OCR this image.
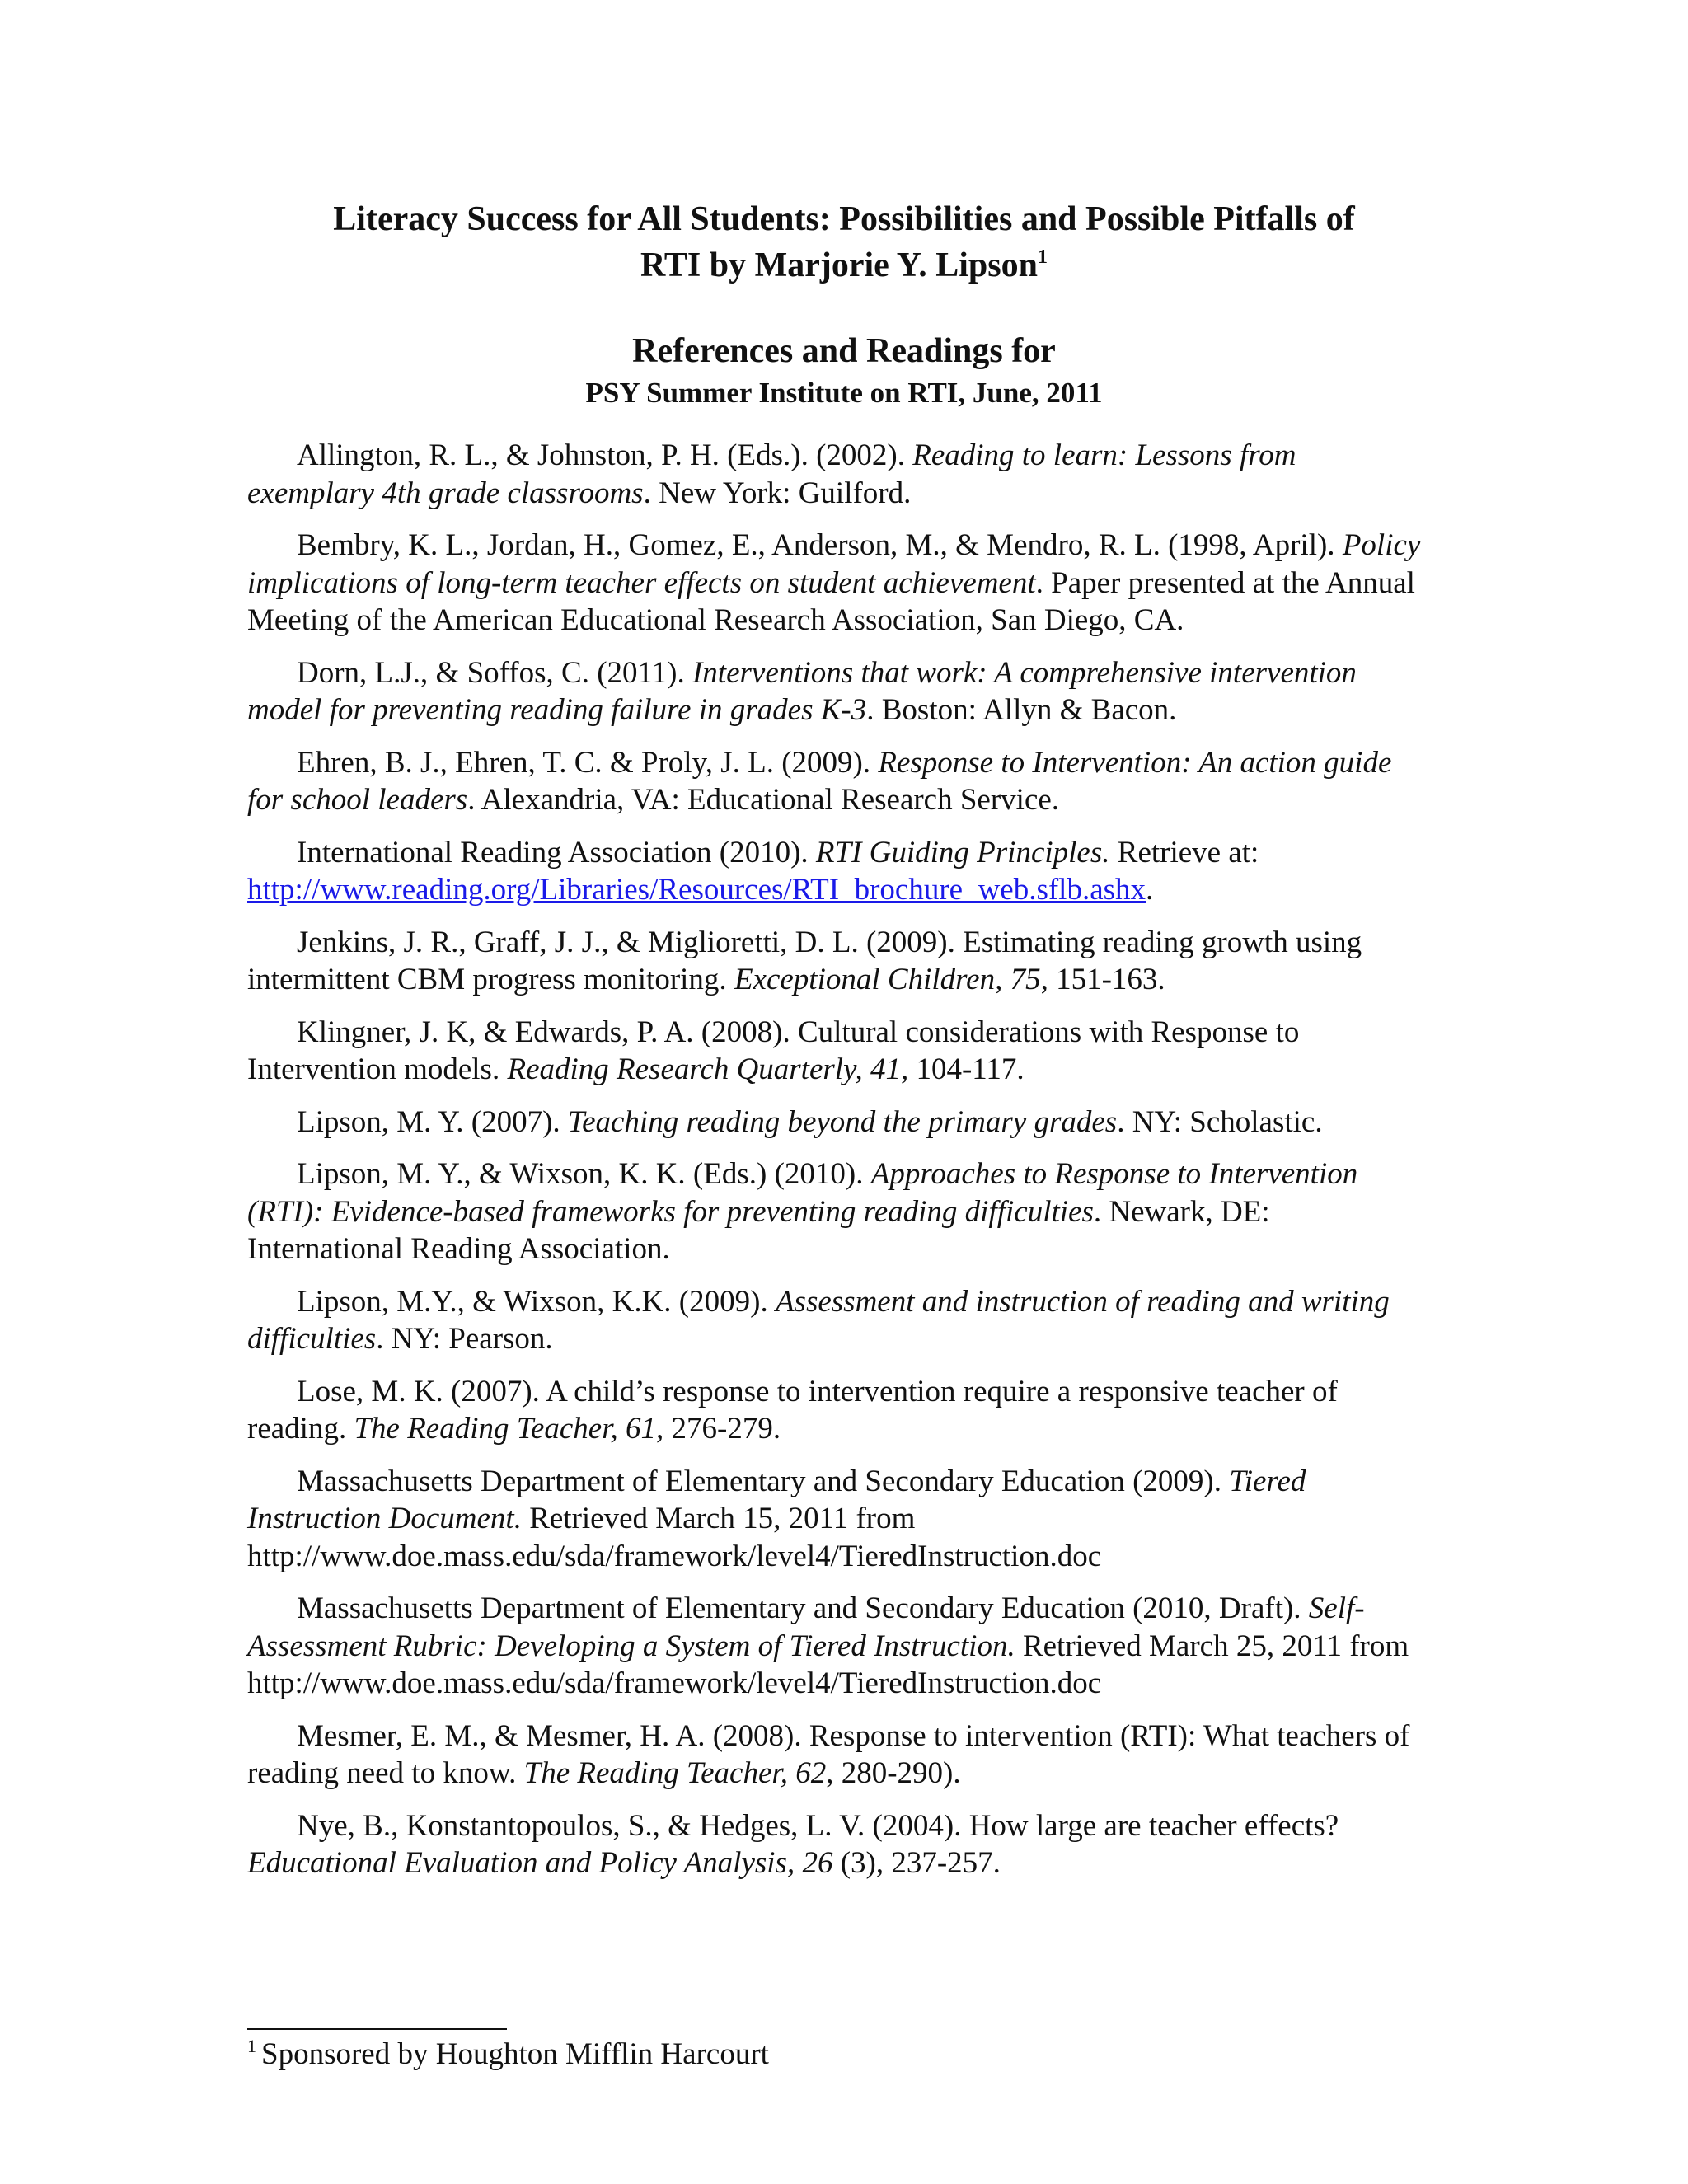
Literacy Success for All Students: Possibilities and Possible Pitfalls of
RTI by Marjorie Y. Lipson$^1$
References and Readings for
PSY Summer Institute on RTI, June, 2011

Allington, R. L., & Johnston, P. H. (Eds.). (2002). Reading to learn: Lessons from exemplary 4th grade classrooms. New York: Guilford.

Bembry, K. L., Jordan, H., Gomez, E., Anderson, M., & Mendro, R. L. (1998, April). Policy implications of long-term teacher effects on student achievement. Paper presented at the Annual Meeting of the American Educational Research Association, San Diego, CA.

Dorn, L.J., & Soffos, C. (2011). Interventions that work: A comprehensive intervention model for preventing reading failure in grades K-3. Boston: Allyn & Bacon.

Ehren, B. J., Ehren, T. C. & Proly, J. L. (2009). Response to Intervention: An action guide for school leaders. Alexandria, VA: Educational Research Service.

International Reading Association (2010). RTI Guiding Principles. Retrieve at: http://www.reading.org/Libraries/Resources/RTI_brochure_web.sflb.ashx.

Jenkins, J. R., Graff, J. J., & Miglioretti, D. L. (2009). Estimating reading growth using intermittent CBM progress monitoring. Exceptional Children, 75, 151-163.

Klingner, J. K, & Edwards, P. A. (2008). Cultural considerations with Response to Intervention models. Reading Research Quarterly, 41, 104-117.

Lipson, M. Y. (2007). Teaching reading beyond the primary grades. NY: Scholastic.

Lipson, M. Y., & Wixson, K. K. (Eds.) (2010). Approaches to Response to Intervention (RTI): Evidence-based frameworks for preventing reading difficulties. Newark, DE: International Reading Association.

Lipson, M.Y., & Wixson, K.K. (2009). Assessment and instruction of reading and writing difficulties. NY: Pearson.

Lose, M. K. (2007). A child’s response to intervention require a responsive teacher of reading. The Reading Teacher, 61, 276-279.

Massachusetts Department of Elementary and Secondary Education (2009). Tiered Instruction Document. Retrieved March 15, 2011 from http://www.doe.mass.edu/sda/framework/level4/TieredInstruction.doc

Massachusetts Department of Elementary and Secondary Education (2010, Draft). Self-Assessment Rubric: Developing a System of Tiered Instruction. Retrieved March 25, 2011 from http://www.doe.mass.edu/sda/framework/level4/TieredInstruction.doc

Mesmer, E. M., & Mesmer, H. A. (2008). Response to intervention (RTI): What teachers of reading need to know. The Reading Teacher, 62, 280-290).

Nye, B., Konstantopoulos, S., & Hedges, L. V. (2004). How large are teacher effects? Educational Evaluation and Policy Analysis, 26 (3), 237-257.

$^1$ Sponsored by Houghton Mifflin Harcourt
